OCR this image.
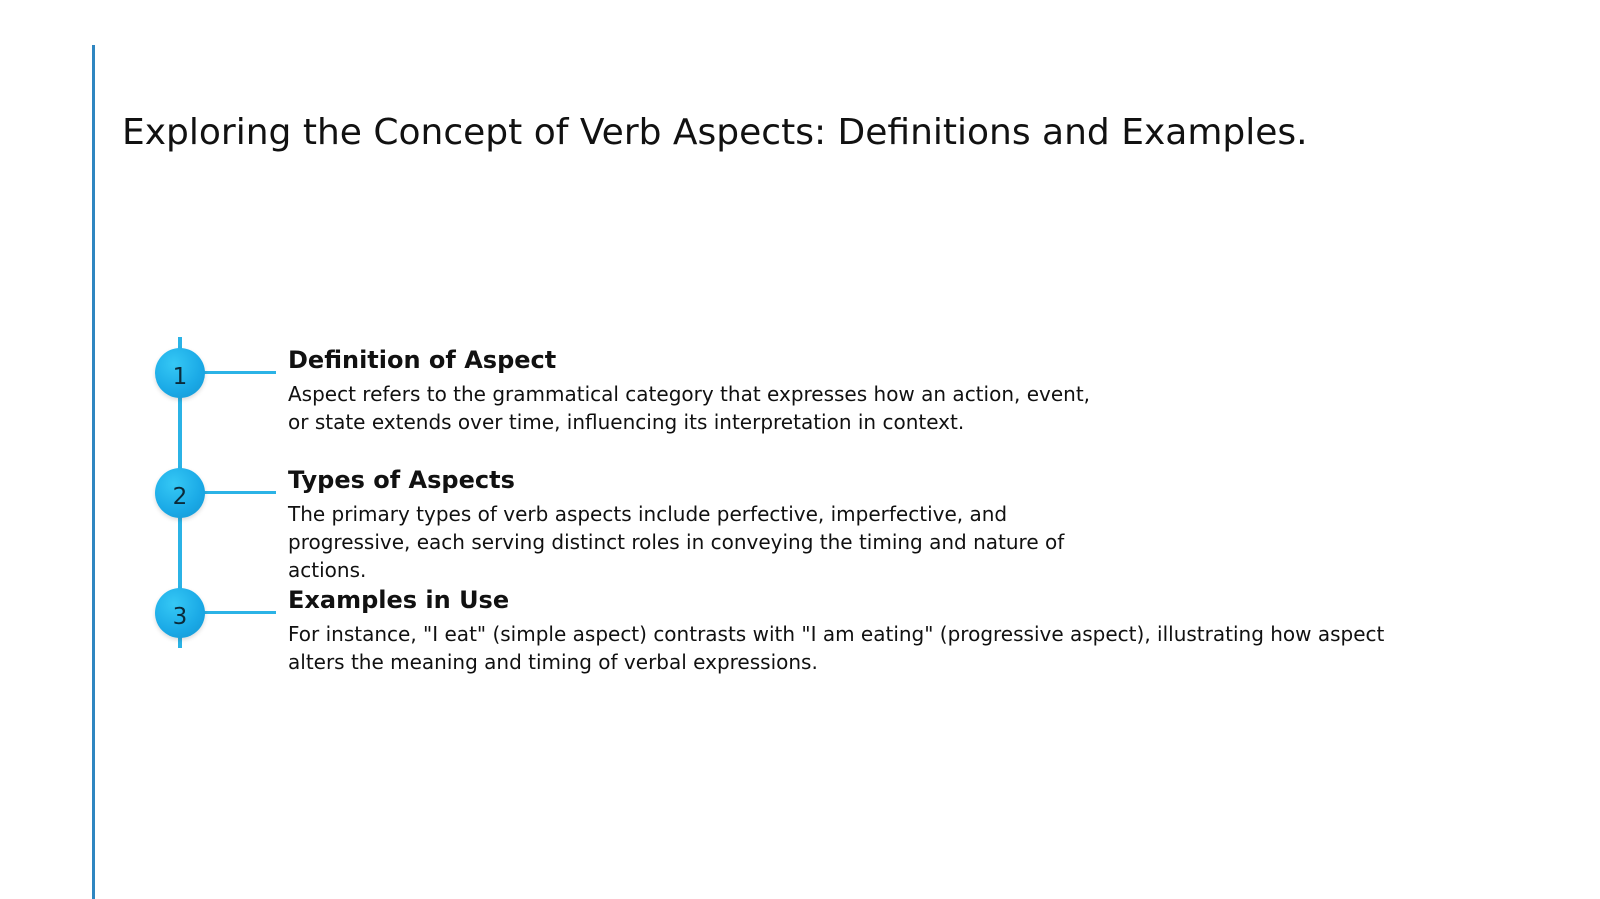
Exploring the Concept of Verb Aspects: Definitions and Examples.
1
Definition of Aspect

Aspect refers to the grammatical category that expresses how an action, event, or state extends over time, influencing its interpretation in context.

2
Types of Aspects

The primary types of verb aspects include perfective, imperfective, and progressive, each serving distinct roles in conveying the timing and nature of actions.

3
Examples in Use

For instance, "I eat" (simple aspect) contrasts with "I am eating" (progressive aspect), illustrating how aspect alters the meaning and timing of verbal expressions.
